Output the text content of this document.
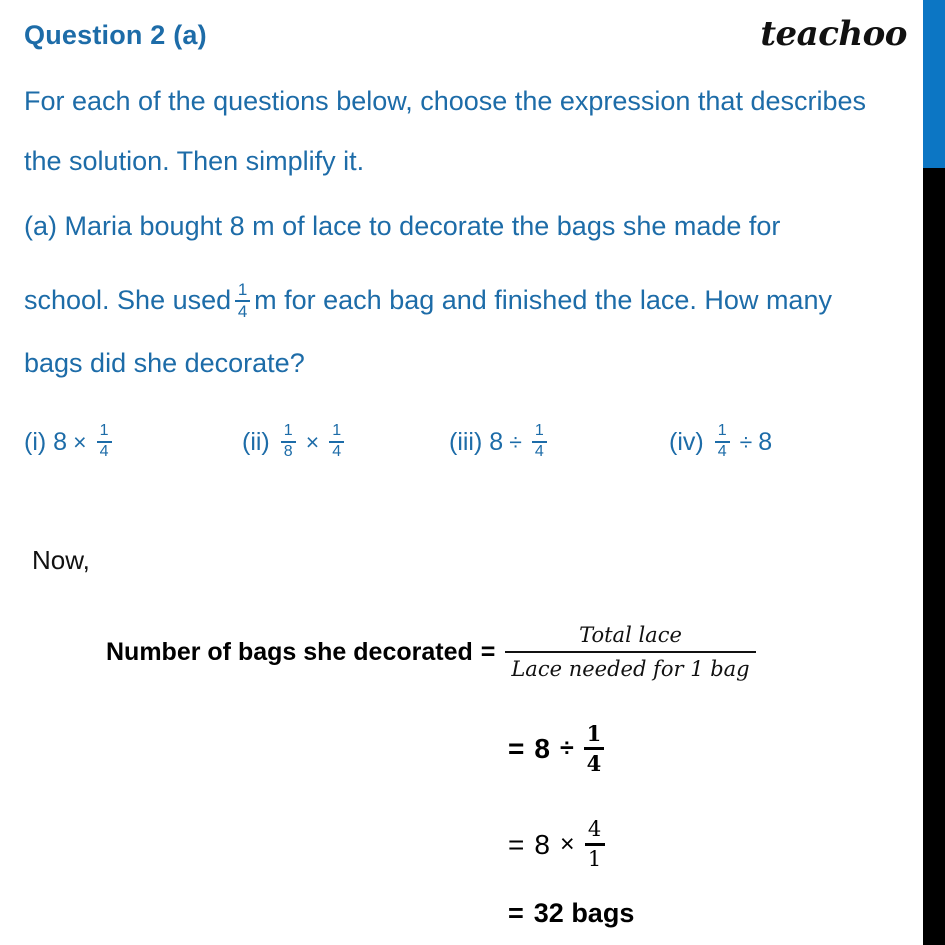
Question 2 (a)	teachoo
For each of the questions below, choose the expression that describes
the solution. Then simplify it.
(a) Maria bought 8 m of lace to decorate the bags she made for
school. She used $\frac{1}{4}$ m for each bag and finished the lace. How many
bags did she decorate?
(i)
$8 \times \frac{1}{4}$	(ii)
$\frac{1}{8} \times \frac{1}{4}$	(iii)
$8 \div \frac{1}{4}$	(iv)
$\frac{1}{4} \div 8$
Now,
Number of bags she decorated = $\frac{\text{Total lace}}{\text{Lace needed for 1 bag}}$
= $8 \div \frac{1}{4}$
= $8 \times \frac{4}{1}$
= 32 bags
